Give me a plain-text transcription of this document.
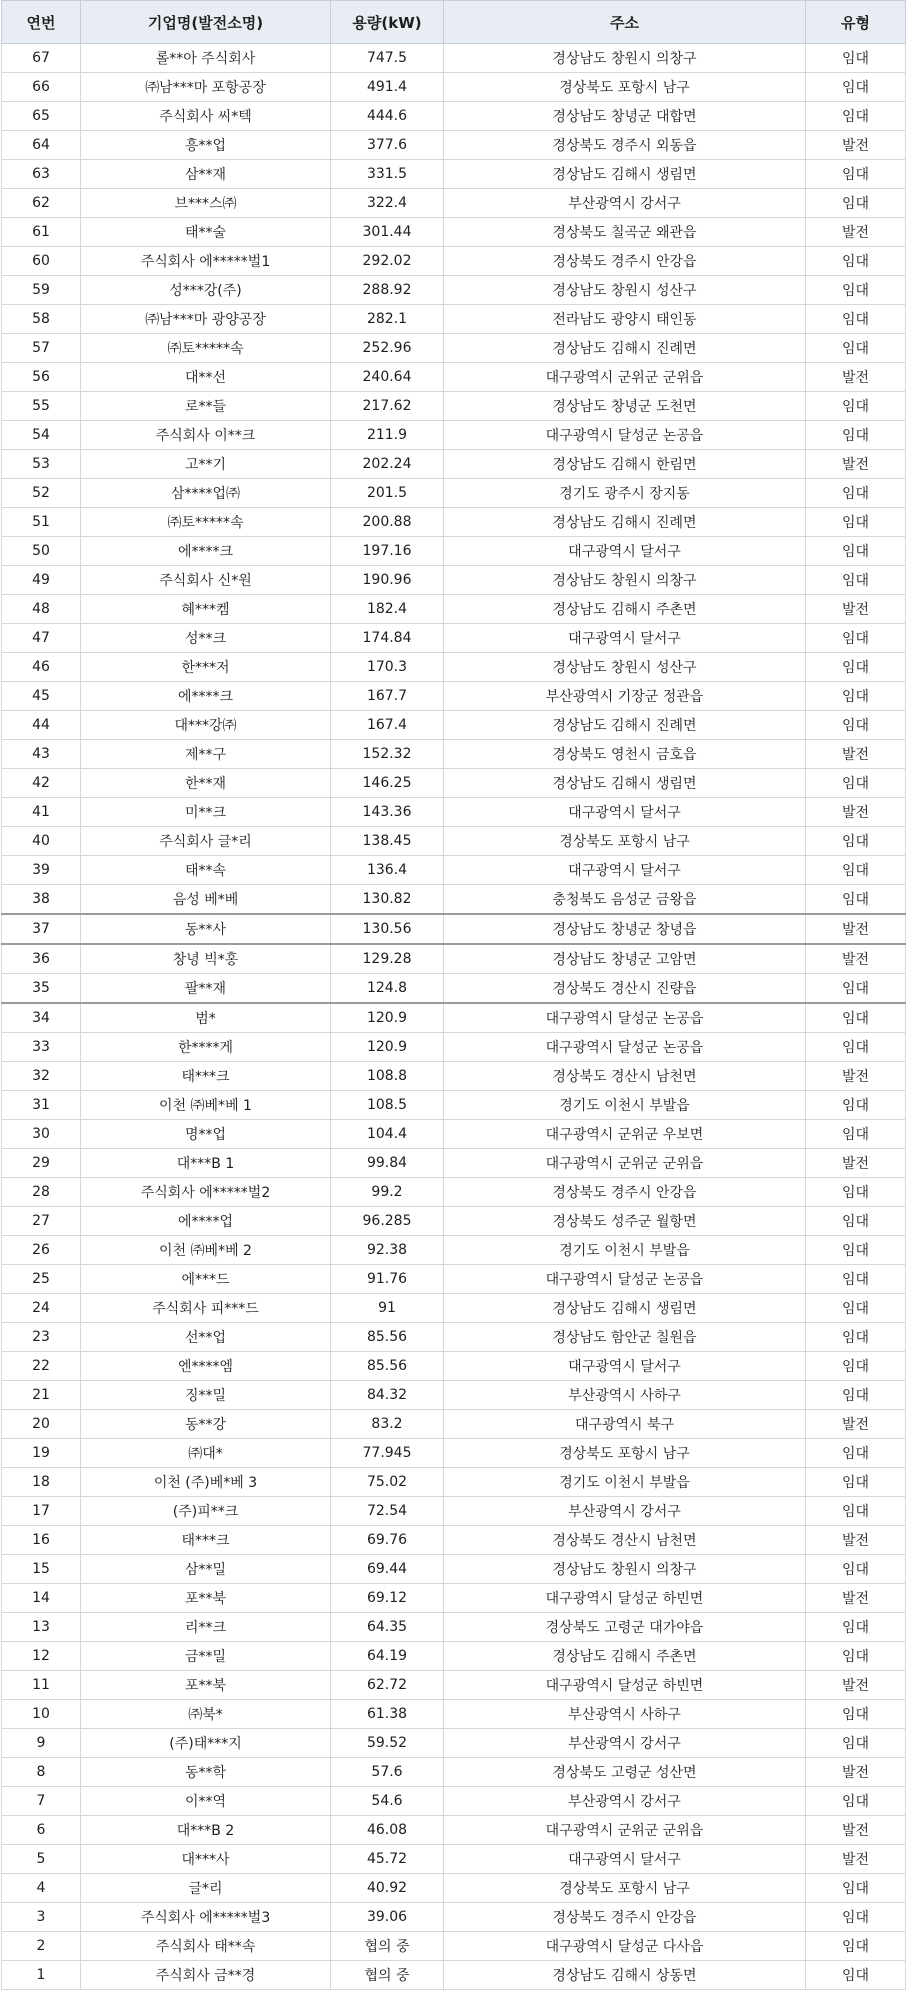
연번	기업명(발전소명)	용량(kW)	주소	유형
67	롤**아 주식회사	747.5	경상남도 창원시 의창구	임대
66	㈜남***마 포항공장	491.4	경상북도 포항시 남구	임대
65	주식회사 씨*텍	444.6	경상남도 창녕군 대합면	임대
64	흥**업	377.6	경상북도 경주시 외동읍	발전
63	삼**재	331.5	경상남도 김해시 생림면	임대
62	브***스㈜	322.4	부산광역시 강서구	임대
61	태**술	301.44	경상북도 칠곡군 왜관읍	발전
60	주식회사 에*****벌1	292.02	경상북도 경주시 안강읍	임대
59	성***강(주)	288.92	경상남도 창원시 성산구	임대
58	㈜남***마 광양공장	282.1	전라남도 광양시 태인동	임대
57	㈜토*****속	252.96	경상남도 김해시 진례면	임대
56	대**선	240.64	대구광역시 군위군 군위읍	발전
55	로**들	217.62	경상남도 창녕군 도천면	임대
54	주식회사 이**크	211.9	대구광역시 달성군 논공읍	임대
53	고**기	202.24	경상남도 김해시 한림면	발전
52	삼****업㈜	201.5	경기도 광주시 장지동	임대
51	㈜토*****속	200.88	경상남도 김해시 진례면	임대
50	에****크	197.16	대구광역시 달서구	임대
49	주식회사 신*원	190.96	경상남도 창원시 의창구	임대
48	혜***켐	182.4	경상남도 김해시 주촌면	발전
47	성**크	174.84	대구광역시 달서구	임대
46	한***저	170.3	경상남도 창원시 성산구	임대
45	에****크	167.7	부산광역시 기장군 정관읍	임대
44	대***강㈜	167.4	경상남도 김해시 진례면	임대
43	제**구	152.32	경상북도 영천시 금호읍	발전
42	한**재	146.25	경상남도 김해시 생림면	임대
41	미**크	143.36	대구광역시 달서구	발전
40	주식회사 글*리	138.45	경상북도 포항시 남구	임대
39	태**속	136.4	대구광역시 달서구	임대
38	음성 베*베	130.82	충청북도 음성군 금왕읍	임대
37	동**사	130.56	경상남도 창녕군 창녕읍	발전
36	창녕 빅*홍	129.28	경상남도 창녕군 고암면	발전
35	팔**재	124.8	경상북도 경산시 진량읍	임대
34	범*	120.9	대구광역시 달성군 논공읍	임대
33	한****게	120.9	대구광역시 달성군 논공읍	임대
32	태***크	108.8	경상북도 경산시 남천면	발전
31	이천 ㈜베*베 1	108.5	경기도 이천시 부발읍	임대
30	명**업	104.4	대구광역시 군위군 우보면	임대
29	대***B 1	99.84	대구광역시 군위군 군위읍	발전
28	주식회사 에*****벌2	99.2	경상북도 경주시 안강읍	임대
27	에****업	96.285	경상북도 성주군 월항면	임대
26	이천 ㈜베*베 2	92.38	경기도 이천시 부발읍	임대
25	에***드	91.76	대구광역시 달성군 논공읍	임대
24	주식회사 피***드	91	경상남도 김해시 생림면	임대
23	선**업	85.56	경상남도 함안군 칠원읍	임대
22	엔****엠	85.56	대구광역시 달서구	임대
21	징**밀	84.32	부산광역시 사하구	임대
20	동**강	83.2	대구광역시 북구	발전
19	㈜대*	77.945	경상북도 포항시 남구	임대
18	이천 (주)베*베 3	75.02	경기도 이천시 부발읍	임대
17	(주)피**크	72.54	부산광역시 강서구	임대
16	태***크	69.76	경상북도 경산시 남천면	발전
15	삼**밀	69.44	경상남도 창원시 의창구	임대
14	포**북	69.12	대구광역시 달성군 하빈면	발전
13	리**크	64.35	경상북도 고령군 대가야읍	임대
12	금**밀	64.19	경상남도 김해시 주촌면	임대
11	포**북	62.72	대구광역시 달성군 하빈면	발전
10	㈜북*	61.38	부산광역시 사하구	임대
9	(주)태***지	59.52	부산광역시 강서구	임대
8	동**학	57.6	경상북도 고령군 성산면	발전
7	이**역	54.6	부산광역시 강서구	임대
6	대***B 2	46.08	대구광역시 군위군 군위읍	발전
5	대***사	45.72	대구광역시 달서구	발전
4	글*리	40.92	경상북도 포항시 남구	임대
3	주식회사 에*****벌3	39.06	경상북도 경주시 안강읍	임대
2	주식회사 태**속	협의 중	대구광역시 달성군 다사읍	임대
1	주식회사 금**경	협의 중	경상남도 김해시 상동면	임대
